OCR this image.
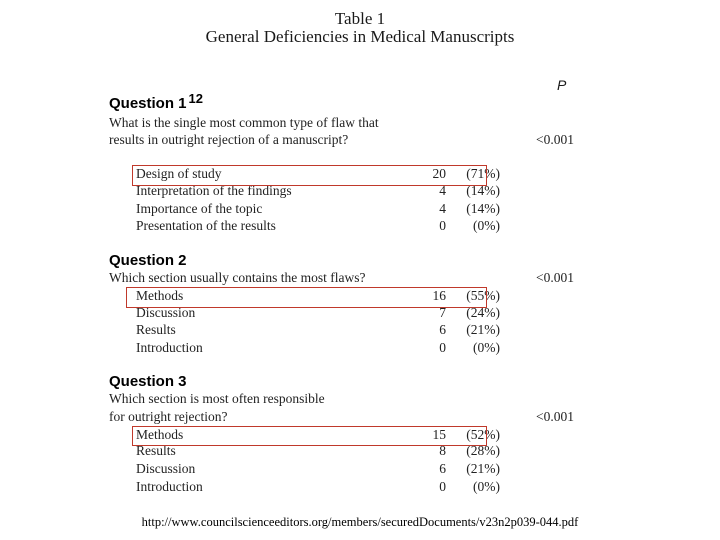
Table 1
General Deficiencies in Medical Manuscripts
P
Question 1 12
What is the single most common type of flaw that
results in outright rejection of a manuscript?	<0.001
Design of study	20	(71%)
Interpretation of the findings	4	(14%)
Importance of the topic	4	(14%)
Presentation of the results	0	(0%)
Question 2
Which section usually contains the most flaws?	<0.001
Methods	16	(55%)
Discussion	7	(24%)
Results	6	(21%)
Introduction	0	(0%)
Question 3
Which section is most often responsible
for outright rejection?	<0.001
Methods	15	(52%)
Results	8	(28%)
Discussion	6	(21%)
Introduction	0	(0%)
http://www.councilscienceeditors.org/members/securedDocuments/v23n2p039-044.pdf
